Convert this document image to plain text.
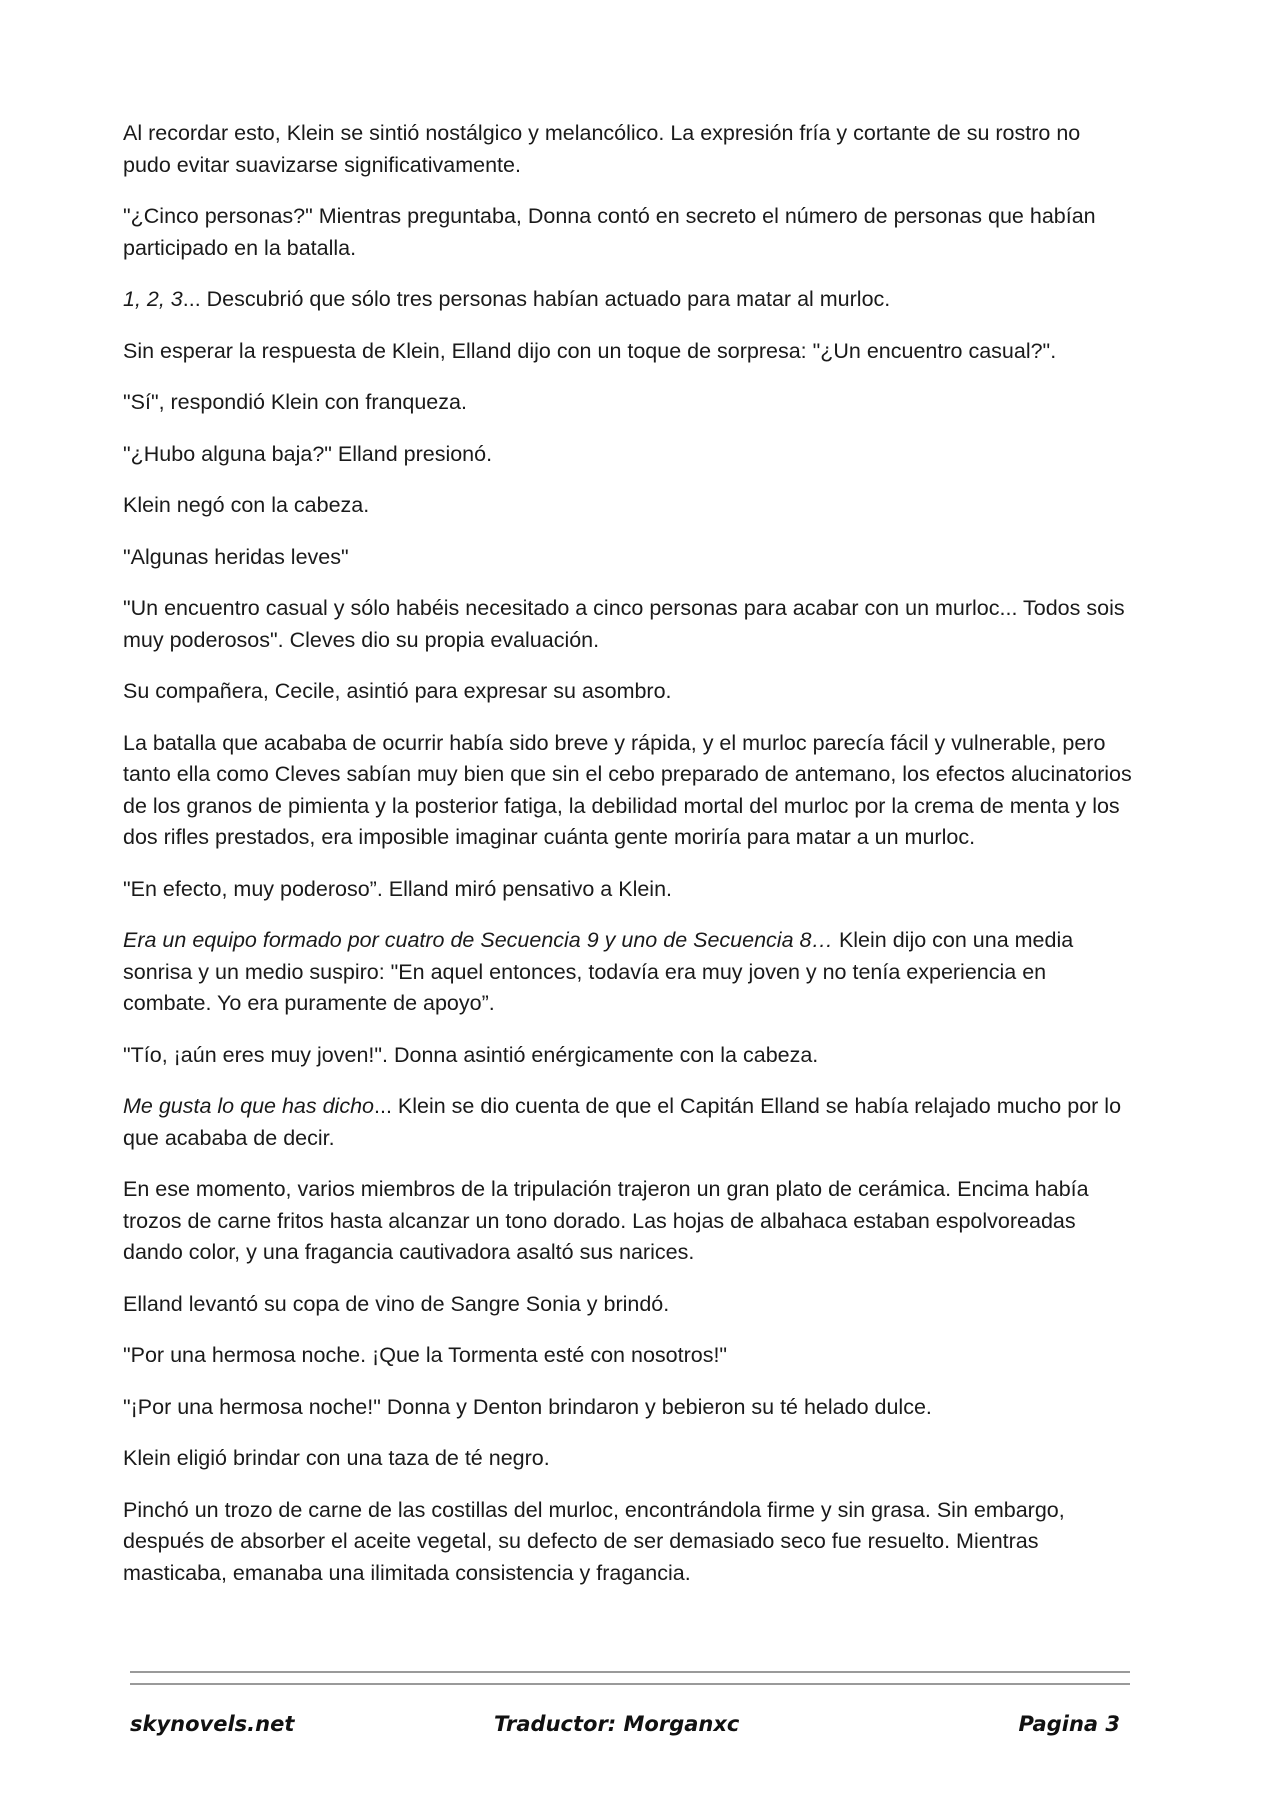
Al recordar esto, Klein se sintió nostálgico y melancólico. La expresión fría y cortante de su rostro no pudo evitar suavizarse significativamente.

"¿Cinco personas?" Mientras preguntaba, Donna contó en secreto el número de personas que habían participado en la batalla.

1, 2, 3... Descubrió que sólo tres personas habían actuado para matar al murloc.

Sin esperar la respuesta de Klein, Elland dijo con un toque de sorpresa: "¿Un encuentro casual?".

"Sí", respondió Klein con franqueza.

"¿Hubo alguna baja?" Elland presionó.

Klein negó con la cabeza.

"Algunas heridas leves"

"Un encuentro casual y sólo habéis necesitado a cinco personas para acabar con un murloc... Todos sois muy poderosos". Cleves dio su propia evaluación.

Su compañera, Cecile, asintió para expresar su asombro.

La batalla que acababa de ocurrir había sido breve y rápida, y el murloc parecía fácil y vulnerable, pero tanto ella como Cleves sabían muy bien que sin el cebo preparado de antemano, los efectos alucinatorios de los granos de pimienta y la posterior fatiga, la debilidad mortal del murloc por la crema de menta y los dos rifles prestados, era imposible imaginar cuánta gente moriría para matar a un murloc.

"En efecto, muy poderoso”. Elland miró pensativo a Klein.

Era un equipo formado por cuatro de Secuencia 9 y uno de Secuencia 8… Klein dijo con una media sonrisa y un medio suspiro: "En aquel entonces, todavía era muy joven y no tenía experiencia en combate. Yo era puramente de apoyo”.

"Tío, ¡aún eres muy joven!". Donna asintió enérgicamente con la cabeza.

Me gusta lo que has dicho... Klein se dio cuenta de que el Capitán Elland se había relajado mucho por lo que acababa de decir.

En ese momento, varios miembros de la tripulación trajeron un gran plato de cerámica. Encima había trozos de carne fritos hasta alcanzar un tono dorado. Las hojas de albahaca estaban espolvoreadas dando color, y una fragancia cautivadora asaltó sus narices.

Elland levantó su copa de vino de Sangre Sonia y brindó.

"Por una hermosa noche. ¡Que la Tormenta esté con nosotros!"

"¡Por una hermosa noche!" Donna y Denton brindaron y bebieron su té helado dulce.

Klein eligió brindar con una taza de té negro.

Pinchó un trozo de carne de las costillas del murloc, encontrándola firme y sin grasa. Sin embargo, después de absorber el aceite vegetal, su defecto de ser demasiado seco fue resuelto. Mientras masticaba, emanaba una ilimitada consistencia y fragancia.

skynovels.net	Traductor: Morganxc	Pagina 3
